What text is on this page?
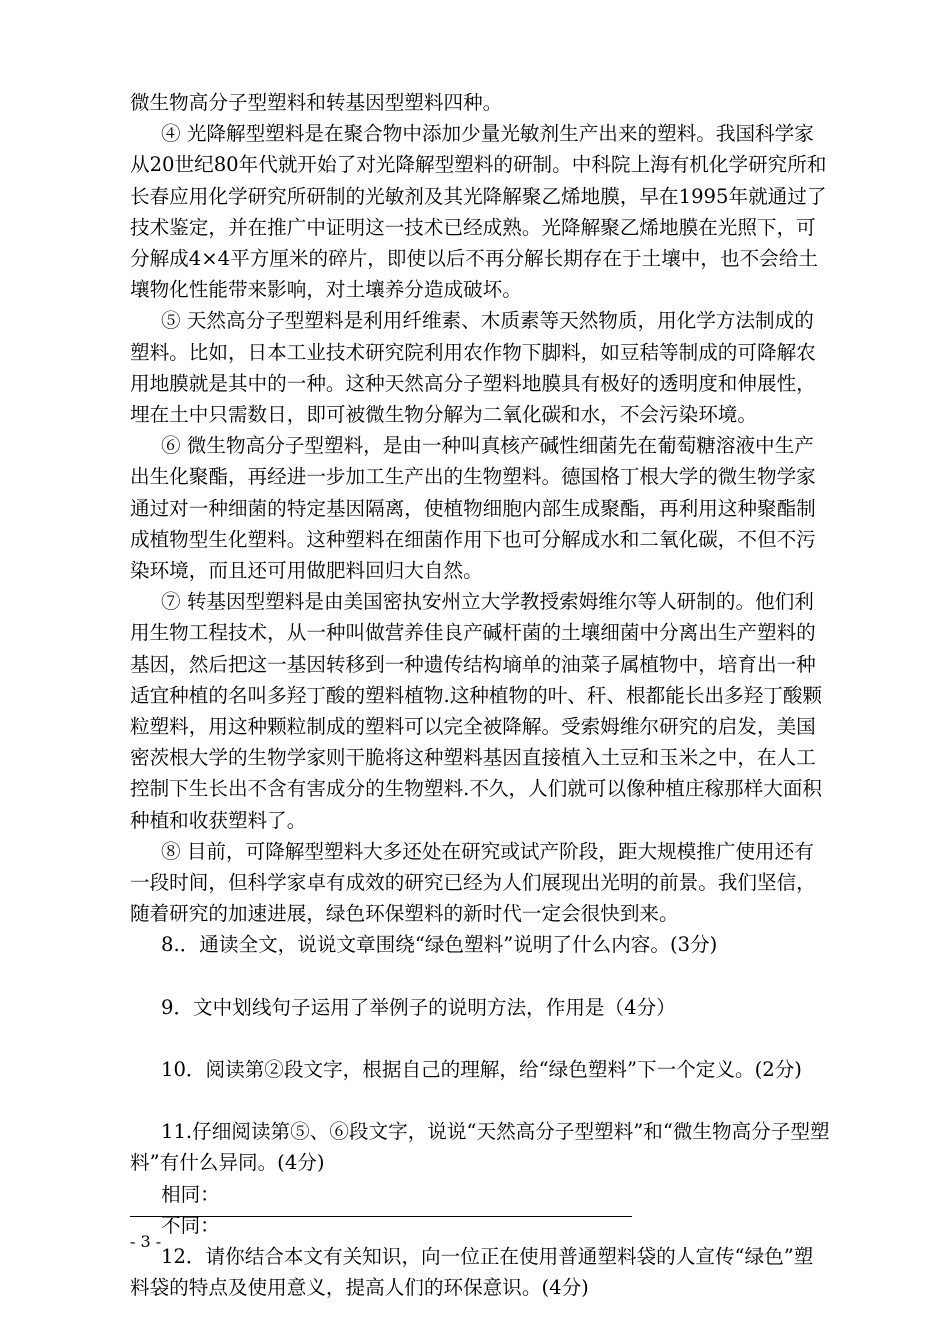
微生物高分子型塑料和转基因型塑料四种。

④ 光降解型塑料是在聚合物中添加少量光敏剂生产出来的塑料。我国科学家从20世纪80年代就开始了对光降解型塑料的研制。中科院上海有机化学研究所和长春应用化学研究所研制的光敏剂及其光降解聚乙烯地膜，早在1995年就通过了技术鉴定，并在推广中证明这一技术已经成熟。光降解聚乙烯地膜在光照下，可分解成4×4平方厘米的碎片，即使以后不再分解长期存在于土壤中，也不会给土壤物化性能带来影响，对土壤养分造成破坏。

⑤ 天然高分子型塑料是利用纤维素、木质素等天然物质，用化学方法制成的塑料。比如，日本工业技术研究院利用农作物下脚料，如豆秸等制成的可降解农用地膜就是其中的一种。这种天然高分子塑料地膜具有极好的透明度和伸展性，埋在土中只需数日，即可被微生物分解为二氧化碳和水，不会污染环境。

⑥ 微生物高分子型塑料，是由一种叫真核产碱性细菌先在葡萄糖溶液中生产出生化聚酯，再经进一步加工生产出的生物塑料。德国格丁根大学的微生物学家通过对一种细菌的特定基因隔离，使植物细胞内部生成聚酯，再利用这种聚酯制成植物型生化塑料。这种塑料在细菌作用下也可分解成水和二氧化碳，不但不污染环境，而且还可用做肥料回归大自然。

⑦ 转基因型塑料是由美国密执安州立大学教授索姆维尔等人研制的。他们利用生物工程技术，从一种叫做营养佳良产碱杆菌的土壤细菌中分离出生产塑料的基因，然后把这一基因转移到一种遗传结构墒单的油菜子属植物中，培育出一种适宜种植的名叫多羟丁酸的塑料植物.这种植物的叶、秆、根都能长出多羟丁酸颗粒塑料，用这种颗粒制成的塑料可以完全被降解。受索姆维尔研究的启发，美国密茨根大学的生物学家则干脆将这种塑料基因直接植入土豆和玉米之中，在人工控制下生长出不含有害成分的生物塑料.不久，人们就可以像种植庄稼那样大面积种植和收获塑料了。

⑧ 目前，可降解型塑料大多还处在研究或试产阶段，距大规模推广使用还有一段时间，但科学家卓有成效的研究已经为人们展现出光明的前景。我们坚信，随着研究的加速进展，绿色环保塑料的新时代一定会很快到来。

8.．通读全文，说说文章围绕“绿色塑料”说明了什么内容。(3分)

9．文中划线句子运用了举例子的说明方法，作用是（4分）

10．阅读第②段文字，根据自己的理解，给“绿色塑料”下一个定义。(2分)

11.仔细阅读第⑤、⑥段文字，说说“天然高分子型塑料”和“微生物高分子型塑料”有什么异同。(4分)

相同：

不同：

12．请你结合本文有关知识，向一位正在使用普通塑料袋的人宣传“绿色”塑料袋的特点及使用意义，提高人们的环保意识。(4分)

- 3 -
